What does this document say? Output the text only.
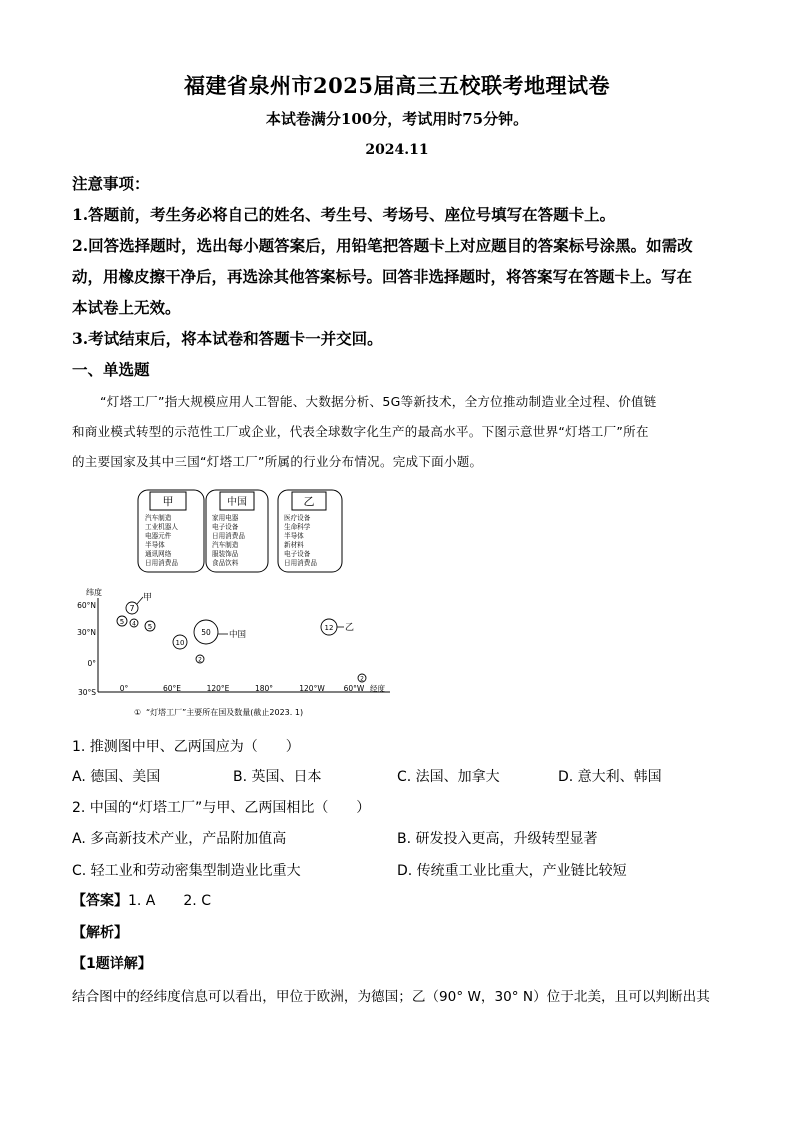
福建省泉州市2025届高三五校联考地理试卷
本试卷满分100分，考试用时75分钟。
2024.11
注意事项：
1.答题前，考生务必将自己的姓名、考生号、考场号、座位号填写在答题卡上。
2.回答选择题时，选出每小题答案后，用铅笔把答题卡上对应题目的答案标号涂黑。如需改
动，用橡皮擦干净后，再选涂其他答案标号。回答非选择题时，将答案写在答题卡上。写在
本试卷上无效。
3.考试结束后，将本试卷和答题卡一并交回。
一、单选题
“灯塔工厂”指大规模应用人工智能、大数据分析、5G等新技术，全方位推动制造业全过程、价值链
和商业模式转型的示范性工厂或企业，代表全球数字化生产的最高水平。下图示意世界“灯塔工厂”所在
的主要国家及其中三国“灯塔工厂”所属的行业分布情况。完成下面小题。
甲
汽车制造
工业机器人
电器元件
半导体
通讯网络
日用消费品
中国
家用电器
电子设备
日用消费品
汽车制造
服装饰品
食品饮料
乙
医疗设备
生命科学
半导体
新材料
电子设备
日用消费品
纬度
60°N
30°N
0°
30°S	0°	60°E	120°E	180°	120°W	60°W 经度
7
甲
5 4 5
10
50 中国
2
12 乙
2
① “灯塔工厂”主要所在国及数量(截止2023. 1)
1. 推测图中甲、乙两国应为（　　）
A. 德国、美国	B. 英国、日本	C. 法国、加拿大	D. 意大利、韩国
2. 中国的“灯塔工厂”与甲、乙两国相比（　　）
A. 多高新技术产业，产品附加值高	B. 研发投入更高，升级转型显著
C. 轻工业和劳动密集型制造业比重大	D. 传统重工业比重大，产业链比较短
【答案】1. A　　2. C
【解析】
【1题详解】
结合图中的经纬度信息可以看出，甲位于欧洲，为德国；乙（90° W，30° N）位于北美，且可以判断出其
